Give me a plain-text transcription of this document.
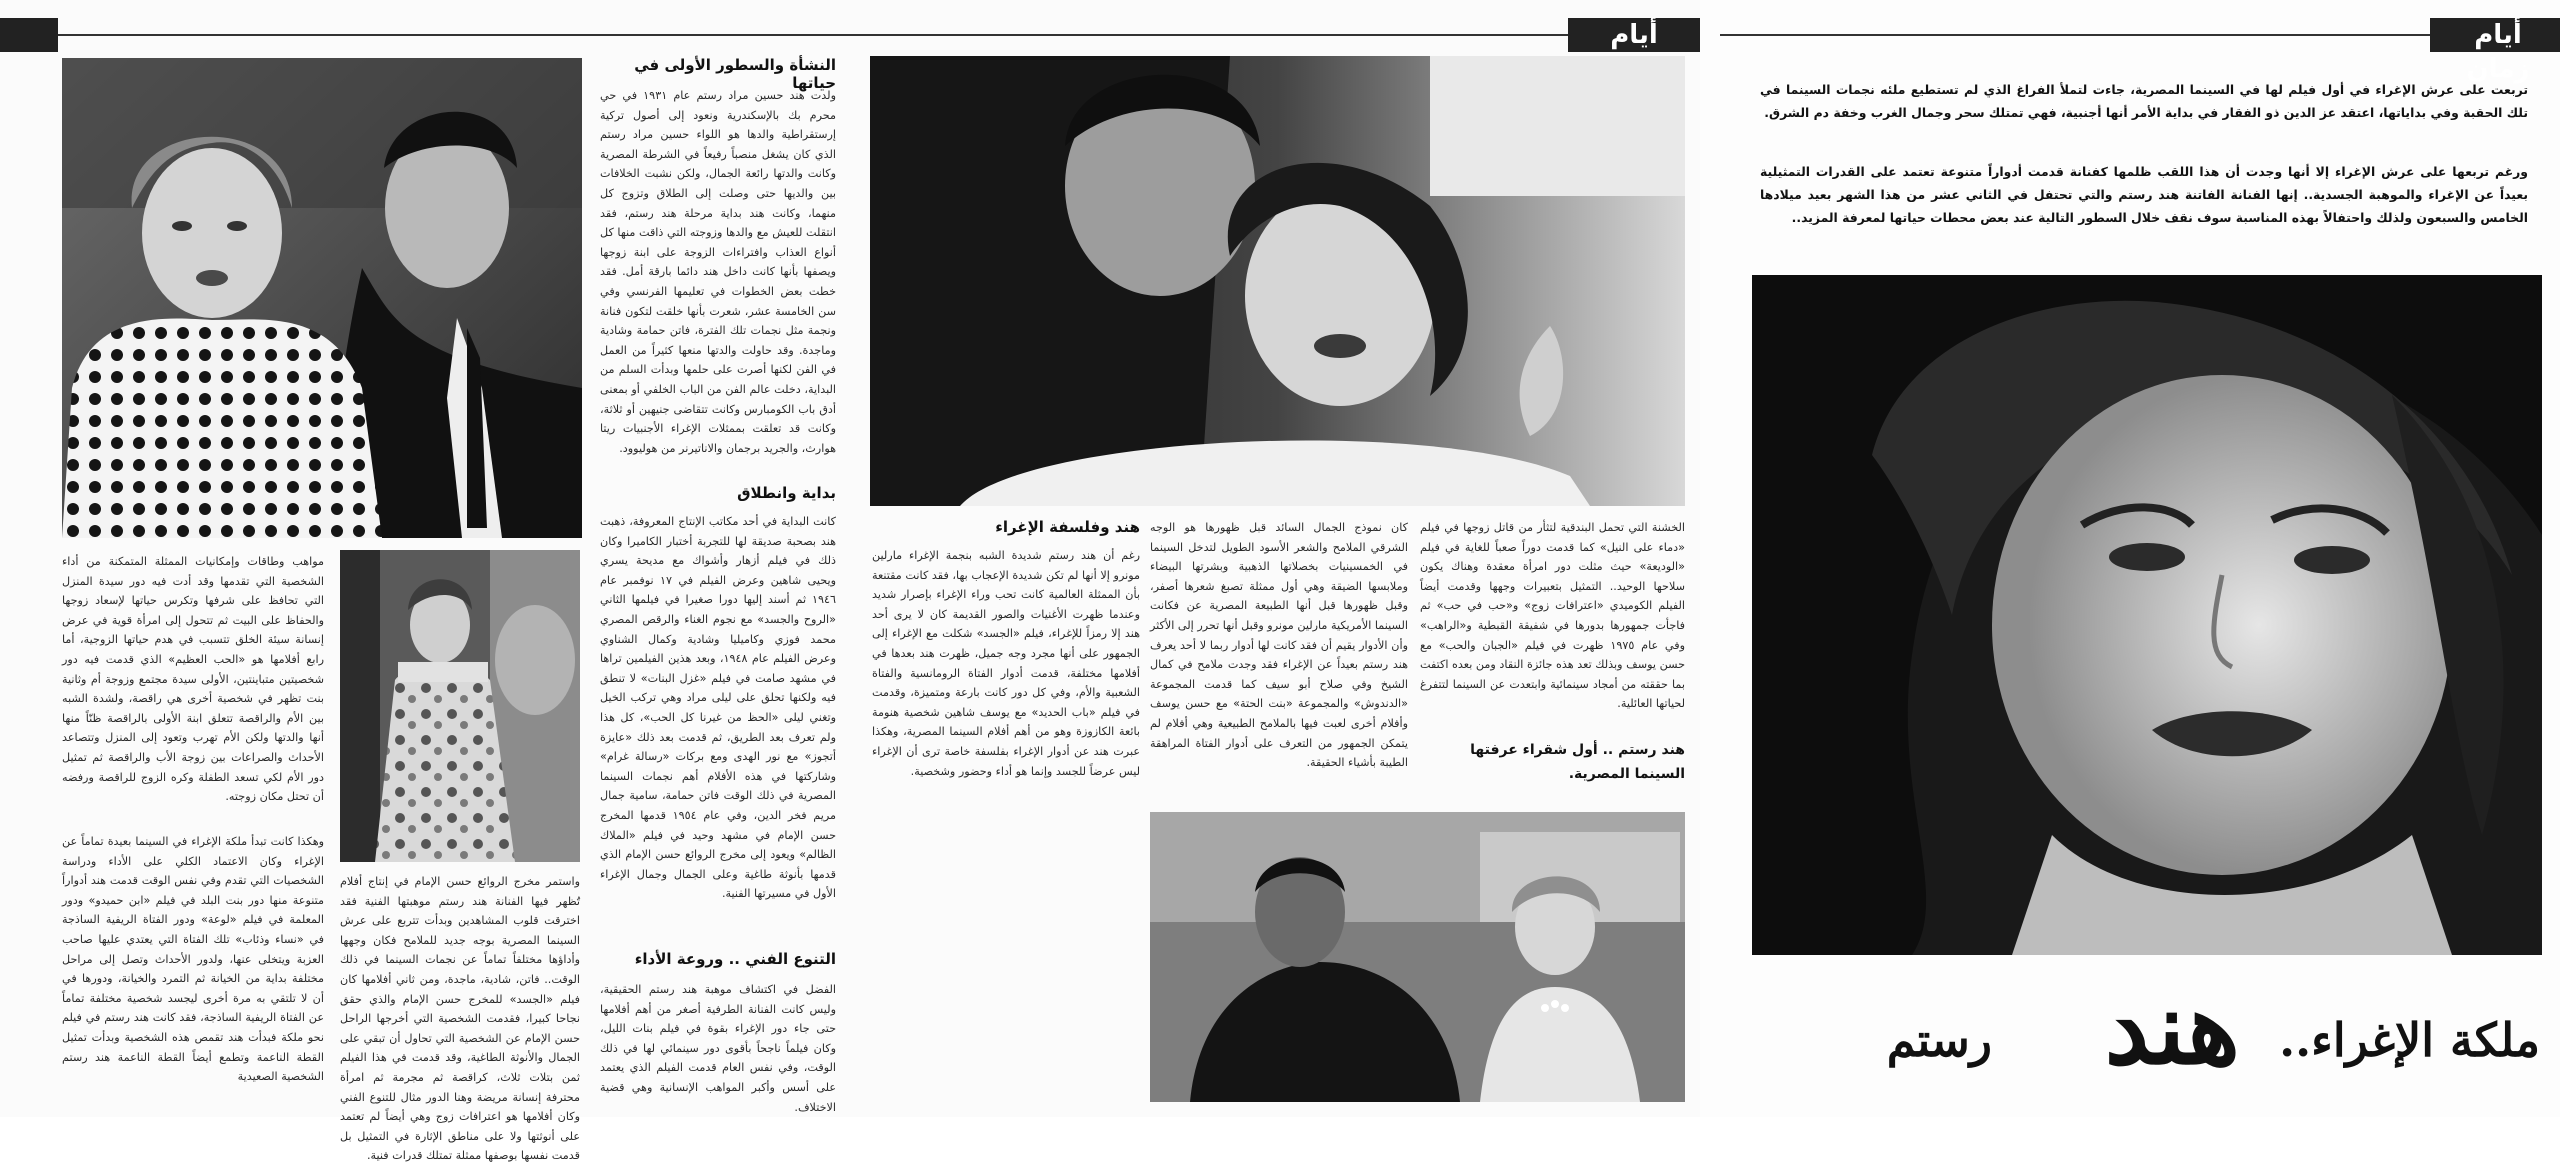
أيام
النشأة والسطور الأولى في حياتها

ولدت هند حسين مراد رستم عام ١٩٣١ في حي محرم بك بالإسكندرية ونعود إلى أصول تركية إرستقراطية والدها هو اللواء حسين مراد رستم الذي كان يشغل منصباً رفيعاً في الشرطة المصرية وكانت والدتها رائعة الجمال، ولكن نشبت الخلافات بين والديها حتى وصلت إلى الطلاق وتزوج كل منهما، وكانت هند بداية مرحلة هند رستم، فقد انتقلت للعيش مع والدها وزوجته التي ذاقت منها كل أنواع العذاب وافتراءات الزوجة على ابنة زوجها ويصفها بأنها كانت داخل هند دائما بارقة أمل. فقد خطت بعض الخطوات في تعليمها الفرنسي وفي سن الخامسة عشر، شعرت بأنها خلقت لتكون فنانة ونجمة مثل نجمات تلك الفترة، فاتن حمامة وشادية وماجدة. وقد حاولت والدتها منعها كثيراً من العمل في الفن لكنها أصرت على حلمها وبدأت السلم من البداية، دخلت عالم الفن من الباب الخلفي أو بمعنى أدق باب الكومبارس وكانت تتقاضى جنيهين أو ثلاثة، وكانت قد تعلقت بممثلات الإغراء الأجنبيات ريتا هوارث، والجريد برجمان والاناتيرنر من هوليوود.

بداية وانطلاق

كانت البداية في أحد مكاتب الإنتاج المعروفة، ذهبت هند بصحبة صديقة لها للتجربة أختبار الكاميرا وكان ذلك في فيلم أزهار وأشواك مع مديحة يسري ويحيى شاهين وعرض الفيلم في ١٧ نوفمبر عام ١٩٤٦ ثم أسند إليها دورا صغيرا في فيلمها الثاني «الروح والجسد» مع نجوم الغناء والرقص المصري محمد فوزي وكاميليا وشادية وكمال الشناوي وعرض الفيلم عام ١٩٤٨، وبعد هذين الفيلمين تراها في مشهد صامت في فيلم «غزل البنات» لا تنطق فيه ولكنها تحلق على ليلى مراد وهي تركب الخيل وتغني ليلى «الحظ من غيرنا كل الحب»، كل هذا ولم تعرف بعد الطريق، ثم قدمت بعد ذلك «عايزة أتجوز» مع نور الهدى ومع بركات «رسالة غرام» وشاركتها في هذه الأفلام أهم نجمات السينما المصرية في ذلك الوقت فاتن حمامة، سامية جمال مريم فخر الدين، وفي عام ١٩٥٤ قدمها المخرج حسن الإمام في مشهد وحيد في فيلم «الملاك الظالم» ويعود إلى مخرج الروائع حسن الإمام الذي قدمها بأنوثة طاغية وعلى الجمال وجمال الإغراء الأول في مسيرتها الفنية.

التنوع الفني .. وروعة الأداء

الفضل في اكتشاف موهبة هند رستم الحقيقية، وليس كانت الفنانة الطرفية أصغر من أهم أفلامها حتى جاء دور الإغراء بقوة في فيلم بنات الليل، وكان فيلماً ناجحاً بأقوى دور سينمائي لها في ذلك الوقت، وفي نفس العام قدمت الفيلم الذي يعتمد على أسس وأكبر المواهب الإنسانية وهي قضية الاختلاف.

واستمر مخرج الروائع حسن الإمام في إنتاج أفلام تُظهر فيها الفنانة هند رستم موهبتها الفنية فقد اخترقت قلوب المشاهدين وبدأت تتربع على عرش السينما المصرية بوجه جديد للملامح فكان وجهها وأداؤها مختلفاً تماماً عن نجمات السينما في ذلك الوقت.. فاتن، شادية، ماجدة، ومن ثاني أفلامها كان فيلم «الجسد» للمخرج حسن الإمام والذي حقق نجاحا كبيرا، فقدمت الشخصية التي أخرجها الراحل حسن الإمام عن الشخصية التي تحاول أن تبقي على الجمال والأنوثة الطاغية، وقد قدمت في هذا الفيلم ثمن بتلات ثلاث، كراقصة ثم مجرمة ثم امرأة محترفة إنسانة مريضة وهنا الدور مثال للتنوع الفني وكان أفلامها هو اعترافات زوج وهي أيضاً لم تعتمد على أنوثتها ولا على مناطق الإثارة في التمثيل بل قدمت نفسها بوصفها ممثلة تمتلك قدرات فنية.

مواهب وطاقات وإمكانيات الممثلة المتمكنة من أداء الشخصية التي تقدمها وقد أدت فيه دور سيدة المنزل التي تحافظ على شرفها وتكرس حياتها لإسعاد زوجها والحفاظ على البيت ثم تتحول إلى امرأة قوية في عرض إنسانة سيئة الخلق تتسبب في هدم حياتها الزوجية، أما رابع أفلامها هو «الحب العظيم» الذي قدمت فيه دور شخصيتين متباينتين، الأولى سيدة مجتمع وزوجة أم وثانية بنت تظهر في شخصية أخرى هي راقصة، ولشدة الشبه بين الأم والراقصة تتعلق ابنة الأولى بالراقصة ظنّاً منها أنها والدتها ولكن الأم تهرب وتعود إلى المنزل وتتصاعد الأحداث والصراعات بين زوجة الأب والراقصة ثم تمثيل دور الأم لكي تسعد الطفلة وكره الزوج للراقصة ورفضه أن تحتل مكان زوجته.

وهكذا كانت تبدأ ملكة الإغراء في السينما بعيدة تماماً عن الإغراء وكان الاعتماد الكلي على الأداء ودراسة الشخصيات التي تقدم وفي نفس الوقت قدمت هند أدواراً متنوعة منها دور بنت البلد في فيلم «ابن حميدو» ودور المعلمة في فيلم «لوعة» ودور الفتاة الريفية الساذجة في «نساء وذئاب» تلك الفتاة التي يعتدي عليها صاحب العزبة ويتخلى عنها، ولدور الأحداث وتصل إلى مراحل مختلفة بداية من الخيانة ثم التمرد والخيانة، ودورها في أن لا تلتقي به مرة أخرى ليجسد شخصية مختلفة تماماً عن الفتاة الريفية الساذجة، فقد كانت هند رستم في فيلم نحو ملكة فبدأت هند تقمص هذه الشخصية وبدأت تمثيل القطة الناعمة وتطمع أيضاً القطة الناعمة هند رستم الشخصية الصعيدية

هند وفلسفة الإغراء

رغم أن هند رستم شديدة الشبه بنجمة الإغراء مارلين مونرو إلا أنها لم تكن شديدة الإعجاب بها، فقد كانت مقتنعة بأن الممثلة العالمية كانت تحب وراء الإغراء بإصرار شديد وعندما ظهرت الأغنيات والصور القديمة كان لا يرى أحد هند إلا رمزاً للإغراء، فيلم «الجسد» شكلت مع الإغراء إلى الجمهور على أنها مجرد وجه جميل، ظهرت هند بعدها في أفلامها مختلفة، قدمت أدوار الفتاة الرومانسية والفتاة الشعبية والأم، وفي كل دور كانت بارعة ومتميزة، وقدمت في فيلم «باب الحديد» مع يوسف شاهين شخصية هنومة بائعة الكازوزة وهو من أهم أفلام السينما المصرية، وهكذا عبرت هند عن أدوار الإغراء بفلسفة خاصة ترى أن الإغراء ليس عرضاً للجسد وإنما هو أداء وحضور وشخصية.

كان نموذج الجمال السائد قبل ظهورها هو الوجه الشرقي الملامح والشعر الأسود الطويل لتدخل السينما في الخمسينيات بخصلاتها الذهبية وبشرتها البيضاء وملابسها الضيقة وهي أول ممثلة تصبغ شعرها أصفر، وقبل ظهورها قبل أنها الطبيعة المصرية عن فكانت السينما الأمريكية مارلين مونرو وقبل أنها تحرر إلى الأكثر وأن الأدوار يقيم أن فقد كانت لها أدوار ربما لا أحد يعرف هند رستم بعيداً عن الإغراء فقد وجدت ملامح في كمال الشيخ وفي صلاح أبو سيف كما قدمت المجموعة «الدندوش» والمجموعة «بنت الحتة» مع حسن يوسف وأفلام أخرى لعبت فيها بالملامح الطبيعية وهي أفلام لم يتمكن الجمهور من التعرف على أدوار الفتاة المراهقة الطيبة بأشياء الحقيقة.

الخشنة التي تحمل البندقية لتثأر من قاتل زوجها في فيلم «دماء على النيل» كما قدمت دوراً صعباً للغاية في فيلم «الوديعة» حيث مثلت دور امرأة معقدة وهناك يكون سلاحها الوحيد.. التمثيل بتعبيرات وجهها وقدمت أيضاً الفيلم الكوميدي «اعترافات زوج» و«حب في حب» ثم فاجأت جمهورها بدورها في شفيقة القبطية و«الراهب» وفي عام ١٩٧٥ ظهرت في فيلم «الجبان والحب» مع حسن يوسف وبذلك تعد هذه جائزة النقاد ومن بعده اكتفت بما حققته من أمجاد سينمائية وابتعدت عن السينما لتتفرغ لحياتها العائلية.

هند رستم .. أول شقراء عرفتها السينما المصرية.

أيام زمان
تربعت على عرش الإغراء في أول فيلم لها في السينما المصرية، جاءت لتملأ الفراغ الذي لم تستطيع ملئه نجمات السينما في تلك الحقبة وفي بداياتها، اعتقد عز الدين ذو الفقار في بداية الأمر أنها أجنبية، فهي تمتلك سحر وجمال الغرب وخفة دم الشرق.
ورغم تربعها على عرش الإغراء إلا أنها وجدت أن هذا اللقب ظلمها كفنانة قدمت أدواراً متنوعة تعتمد على القدرات التمثيلية بعيداً عن الإغراء والموهبة الجسدية.. إنها الفنانة الفاتنة هند رستم والتي تحتفل في الثاني عشر من هذا الشهر بعيد ميلادها الخامس والسبعون ولذلك واحتفالاً بهذه المناسبة سوف نقف خلال السطور التالية عند بعض محطات حياتها لمعرفة المزيد..
ملكة الإغراء..
هند
رستم
